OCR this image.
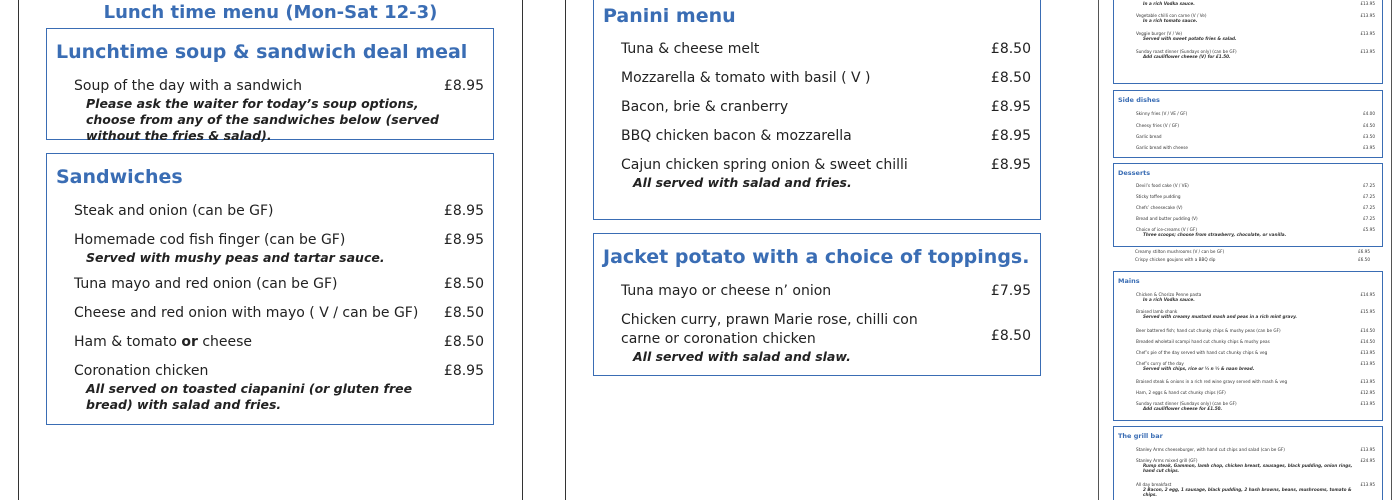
Lunch time menu (Mon-Sat 12-3)
Lunchtime soup & sandwich deal meal
Soup of the day with a sandwich	£8.95
Please ask the waiter for today’s soup options, choose from any of the sandwiches below (served without the fries & salad).
Sandwiches
Steak and onion (can be GF)	£8.95
Homemade cod fish finger (can be GF)	£8.95
Served with mushy peas and tartar sauce.
Tuna mayo and red onion (can be GF)	£8.50
Cheese and red onion with mayo ( V / can be GF) £8.50
Ham & tomato or cheese	£8.50
Coronation chicken	£8.95
All served on toasted ciapanini (or gluten free bread) with salad and fries.
Panini menu
Tuna & cheese melt	£8.50
Mozzarella & tomato with basil ( V )	£8.50
Bacon, brie & cranberry	£8.95
BBQ chicken bacon & mozzarella	£8.95
Cajun chicken spring onion & sweet chilli	£8.95
All served with salad and fries.
Jacket potato with a choice of toppings.
Tuna mayo or cheese n’ onion	£7.95
Chicken curry, prawn Marie rose, chilli con carne or coronation chicken	£8.50
All served with salad and slaw.
In a rich Vodka sauce.	£13.95
Vegetable chilli con carne (V / Ve)	£13.95
In a rich tomato sauce.
Veggie burger (V / Ve)	£13.95
Served with sweet potato fries & salad.
Sunday roast dinner (Sundays only) (can be GF)	£13.95
Add cauliflower cheese (V) for £1.50.
Side dishes
Skinny fries (V / VE / GF)	£4.00
Cheesy fries (V / GF)	£4.50
Garlic bread	£3.50
Garlic bread with cheese	£3.95
Desserts
Devil’s food cake (V / VE)	£7.25
Sticky toffee pudding	£7.25
Chefs’ cheesecake (V)	£7.25
Bread and butter pudding (V)	£7.25
Choice of ice-creams (V / GF)	£5.95
Three scoops; choose from strawberry, chocolate, or vanilla.
Creamy stilton mushrooms (V / can be GF)	£6.95
Crispy chicken goujons with a BBQ dip	£6.50
Mains
Chicken & Chorizo Penne pasta	£14.95
In a rich Vodka sauce.
Braised lamb shank	£15.95
Served with creamy mustard mash and peas in a rich mint gravy.
Beer battered fish; hand cut chunky chips & mushy peas (can be GF)	£14.50
Breaded wholetail scampi hand cut chunky chips & mushy peas	£14.50
Chef’s pie of the day served with hand cut chunky chips & veg	£13.95
Chef’s curry of the day	£13.95
Served with chips, rice or ½ n ½ & naan bread.
Braised steak & onions in a rich red wine gravy served with mash & veg	£13.95
Ham, 2 eggs & hand cut chunky chips (GF)	£12.95
Sunday roast dinner (Sundays only) (can be GF)	£13.95
Add cauliflower cheese for £1.50.
The grill bar
Stanley Arms cheeseburger, with hand cut chips and salad (can be GF)	£13.95
Stanley Arms mixed grill (GF)	£24.95
Rump steak, Gammon, lamb chop, chicken breast, sausages, black pudding, onion rings, hand cut chips.
All day breakfast	£13.95
2 Bacon, 2 egg, 1 sausage, black pudding, 2 hash browns, beans, mushrooms, tomato & chips.
